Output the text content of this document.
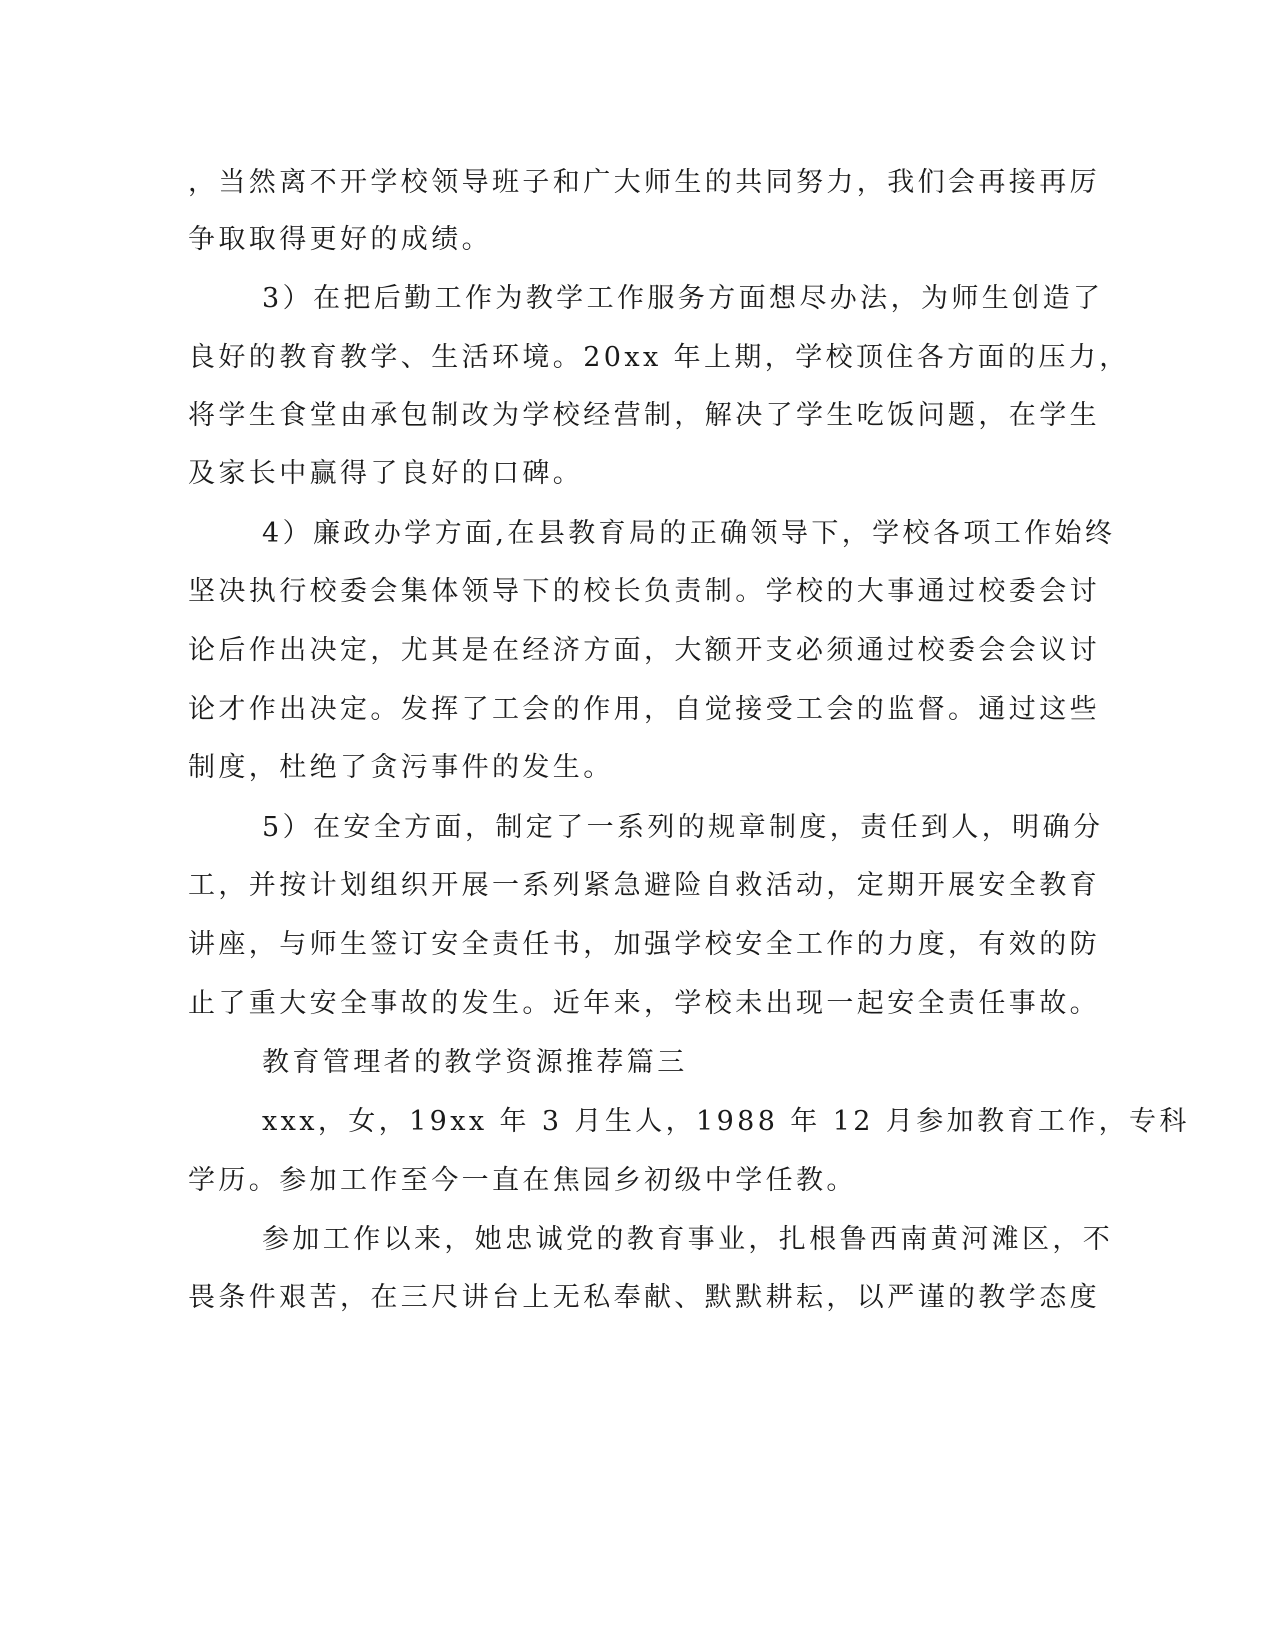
，当然离不开学校领导班子和广大师生的共同努力，我们会再接再厉

争取取得更好的成绩。

3）在把后勤工作为教学工作服务方面想尽办法，为师生创造了

良好的教育教学、生活环境。20xx 年上期，学校顶住各方面的压力，

将学生食堂由承包制改为学校经营制，解决了学生吃饭问题，在学生

及家长中赢得了良好的口碑。

4）廉政办学方面,在县教育局的正确领导下，学校各项工作始终

坚决执行校委会集体领导下的校长负责制。学校的大事通过校委会讨

论后作出决定，尤其是在经济方面，大额开支必须通过校委会会议讨

论才作出决定。发挥了工会的作用，自觉接受工会的监督。通过这些

制度，杜绝了贪污事件的发生。

5）在安全方面，制定了一系列的规章制度，责任到人，明确分

工，并按计划组织开展一系列紧急避险自救活动，定期开展安全教育

讲座，与师生签订安全责任书，加强学校安全工作的力度，有效的防

止了重大安全事故的发生。近年来，学校未出现一起安全责任事故。

教育管理者的教学资源推荐篇三

xxx，女，19xx 年 3 月生人，1988 年 12 月参加教育工作，专科

学历。参加工作至今一直在焦园乡初级中学任教。

参加工作以来，她忠诚党的教育事业，扎根鲁西南黄河滩区，不

畏条件艰苦，在三尺讲台上无私奉献、默默耕耘，以严谨的教学态度
